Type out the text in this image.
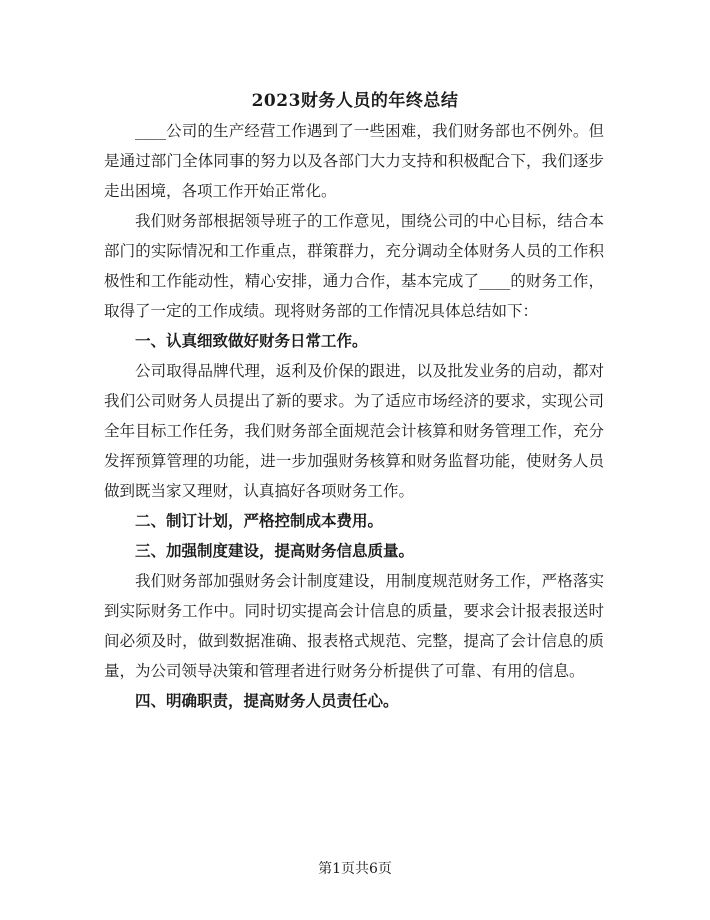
2023财务人员的年终总结

____公司的生产经营工作遇到了一些困难，我们财务部也不例外。但是通过部门全体同事的努力以及各部门大力支持和积极配合下，我们逐步走出困境，各项工作开始正常化。

我们财务部根据领导班子的工作意见，围绕公司的中心目标，结合本部门的实际情况和工作重点，群策群力，充分调动全体财务人员的工作积极性和工作能动性，精心安排，通力合作，基本完成了____的财务工作，取得了一定的工作成绩。现将财务部的工作情况具体总结如下：

一、认真细致做好财务日常工作。

公司取得品牌代理，返利及价保的跟进，以及批发业务的启动，都对我们公司财务人员提出了新的要求。为了适应市场经济的要求，实现公司全年目标工作任务，我们财务部全面规范会计核算和财务管理工作，充分发挥预算管理的功能，进一步加强财务核算和财务监督功能，使财务人员做到既当家又理财，认真搞好各项财务工作。

二、制订计划，严格控制成本费用。

三、加强制度建设，提高财务信息质量。

我们财务部加强财务会计制度建设，用制度规范财务工作，严格落实到实际财务工作中。同时切实提高会计信息的质量，要求会计报表报送时间必须及时，做到数据准确、报表格式规范、完整，提高了会计信息的质量，为公司领导决策和管理者进行财务分析提供了可靠、有用的信息。

四、明确职责，提高财务人员责任心。

第1页共6页
